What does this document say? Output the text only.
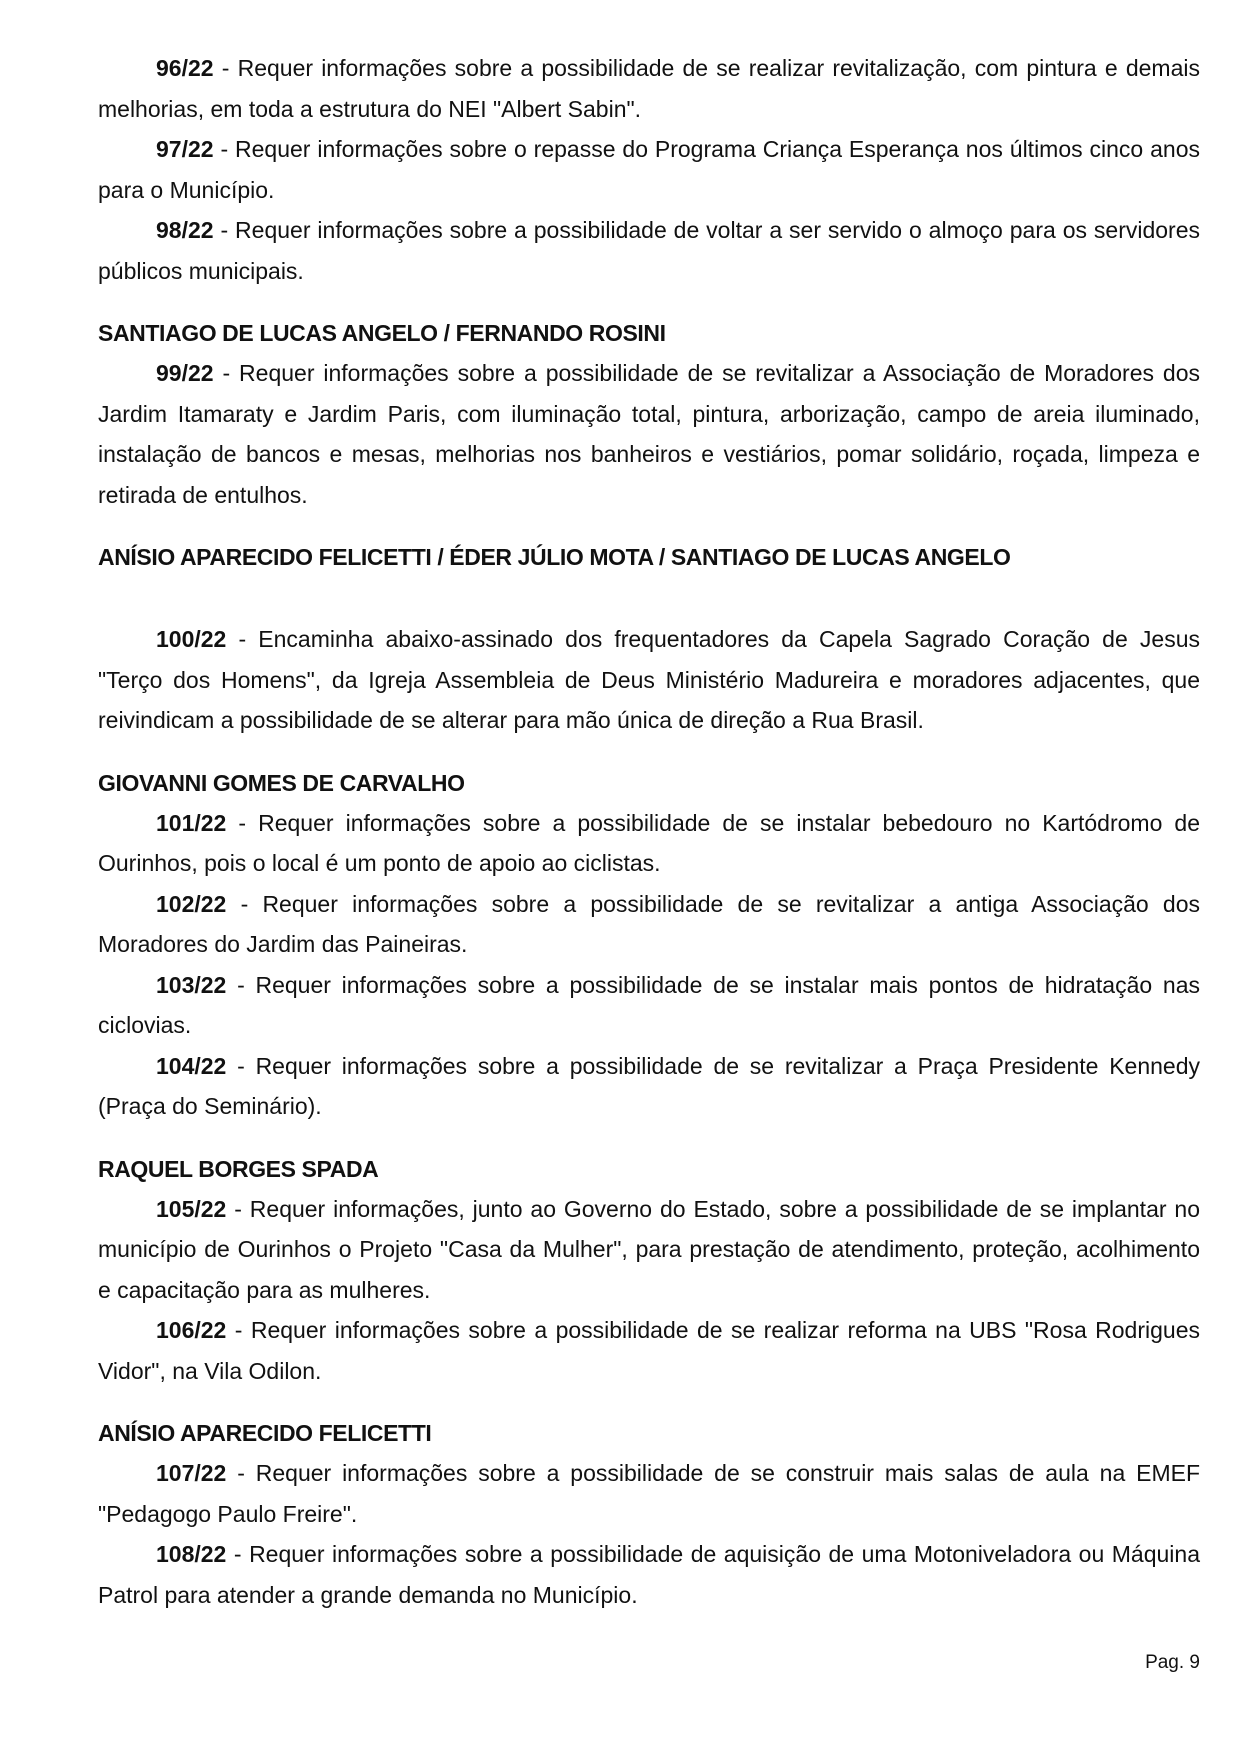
96/22 - Requer informações sobre a possibilidade de se realizar revitalização, com pintura e demais melhorias, em toda a estrutura do NEI "Albert Sabin".

97/22 - Requer informações sobre o repasse do Programa Criança Esperança nos últimos cinco anos para o Município.

98/22 - Requer informações sobre a possibilidade de voltar a ser servido o almoço para os servidores públicos municipais.

SANTIAGO DE LUCAS ANGELO / FERNANDO ROSINI

99/22 - Requer informações sobre a possibilidade de se revitalizar a Associação de Moradores dos Jardim Itamaraty e Jardim Paris, com iluminação total, pintura, arborização, campo de areia iluminado, instalação de bancos e mesas, melhorias nos banheiros e vestiários, pomar solidário, roçada, limpeza e retirada de entulhos.

ANÍSIO APARECIDO FELICETTI / ÉDER JÚLIO MOTA / SANTIAGO DE LUCAS ANGELO

100/22 - Encaminha abaixo-assinado dos frequentadores da Capela Sagrado Coração de Jesus "Terço dos Homens", da Igreja Assembleia de Deus Ministério Madureira e moradores adjacentes, que reivindicam a possibilidade de se alterar para mão única de direção a Rua Brasil.

GIOVANNI GOMES DE CARVALHO

101/22 - Requer informações sobre a possibilidade de se instalar bebedouro no Kartódromo de Ourinhos, pois o local é um ponto de apoio ao ciclistas.

102/22 - Requer informações sobre a possibilidade de se revitalizar a antiga Associação dos Moradores do Jardim das Paineiras.

103/22 - Requer informações sobre a possibilidade de se instalar mais pontos de hidratação nas ciclovias.

104/22 - Requer informações sobre a possibilidade de se revitalizar a Praça Presidente Kennedy (Praça do Seminário).

RAQUEL BORGES SPADA

105/22 - Requer informações, junto ao Governo do Estado, sobre a possibilidade de se implantar no município de Ourinhos o Projeto "Casa da Mulher", para prestação de atendimento, proteção, acolhimento e capacitação para as mulheres.

106/22 - Requer informações sobre a possibilidade de se realizar reforma na UBS "Rosa Rodrigues Vidor", na Vila Odilon.

ANÍSIO APARECIDO FELICETTI

107/22 - Requer informações sobre a possibilidade de se construir mais salas de aula na EMEF "Pedagogo Paulo Freire".

108/22 - Requer informações sobre a possibilidade de aquisição de uma Motoniveladora ou Máquina Patrol para atender a grande demanda no Município.

Pag. 9
